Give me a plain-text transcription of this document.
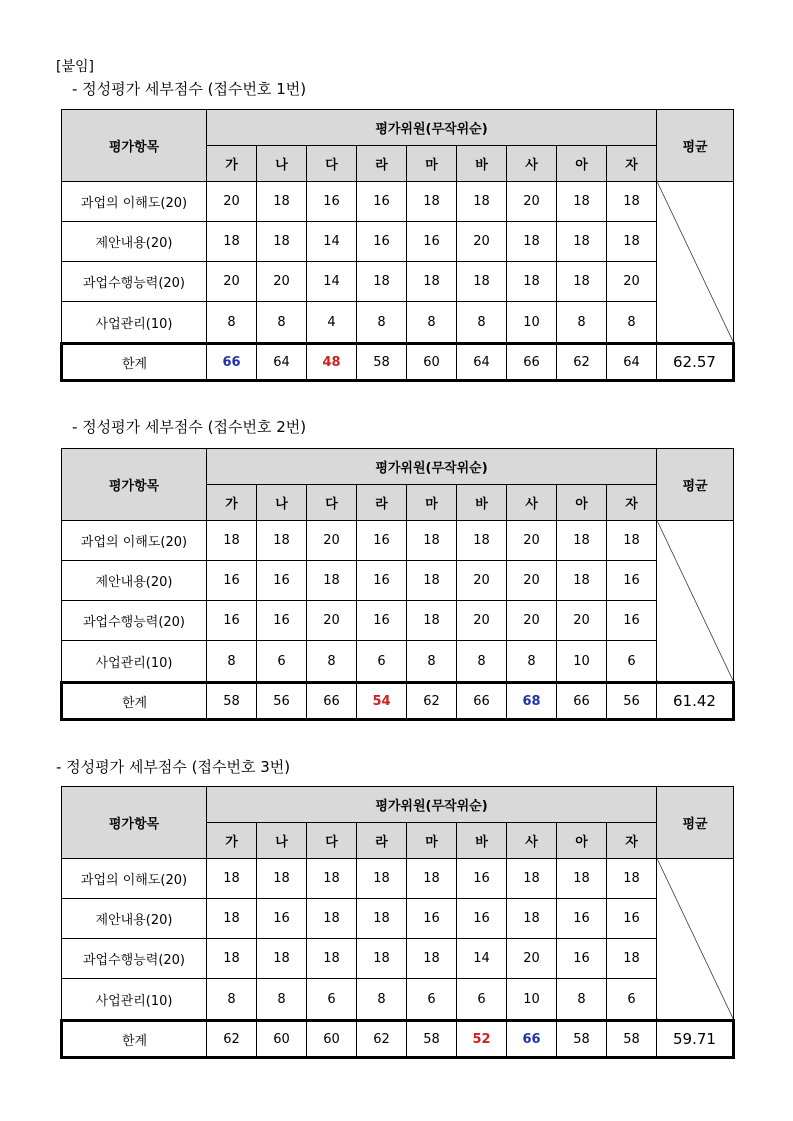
[붙임]
- 정성평가 세부점수 (접수번호 1번)
평가항목	평가위원(무작위순)									평균
	가	나	다	라	마	바	사	아	자	
과업의 이해도(20)	20	18	16	16	18	18	20	18	18	
제안내용(20)	18	18	14	16	16	20	18	18	18	
과업수행능력(20)	20	20	14	18	18	18	18	18	20	
사업관리(10)	8	8	4	8	8	8	10	8	8	
한계	66	64	48	58	60	64	66	62	64	62.57
- 정성평가 세부점수 (접수번호 2번)
평가항목	평가위원(무작위순)									평균
	가	나	다	라	마	바	사	아	자	
과업의 이해도(20)	18	18	20	16	18	18	20	18	18	
제안내용(20)	16	16	18	16	18	20	20	18	16	
과업수행능력(20)	16	16	20	16	18	20	20	20	16	
사업관리(10)	8	6	8	6	8	8	8	10	6	
한계	58	56	66	54	62	66	68	66	56	61.42
- 정성평가 세부점수 (접수번호 3번)
평가항목	평가위원(무작위순)									평균
	가	나	다	라	마	바	사	아	자	
과업의 이해도(20)	18	18	18	18	18	16	18	18	18	
제안내용(20)	18	16	18	18	16	16	18	16	16	
과업수행능력(20)	18	18	18	18	18	14	20	16	18	
사업관리(10)	8	8	6	8	6	6	10	8	6	
한계	62	60	60	62	58	52	66	58	58	59.71
